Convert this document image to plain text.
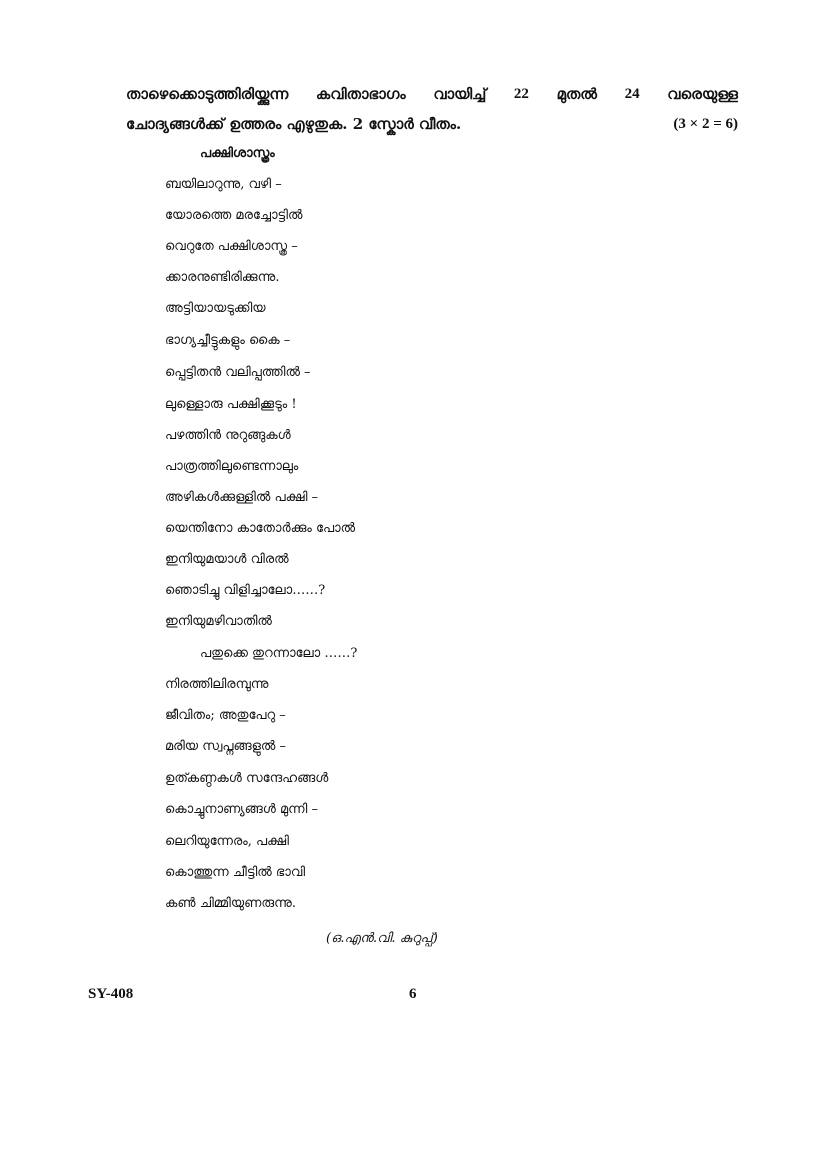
താഴെക്കൊടുത്തിരിയ്ക്കുന്ന കവിതാഭാഗം വായിച്ച് 22 മുതൽ 24 വരെയുള്ള
ചോദ്യങ്ങൾക്ക് ഉത്തരം എഴുതുക. 2 സ്കോർ വീതം.	(3 × 2 = 6)
പക്ഷിശാസ്ത്രം
ബയിലാറുന്നു, വഴി –
യോരത്തെ മരച്ചോട്ടിൽ
വെറുതേ പക്ഷിശാസ്ത്ര –
ക്കാരനുണ്ടിരിക്കുന്നു.
അട്ടിയായടുക്കിയ
ഭാഗ്യച്ചീട്ടുകളും കൈ –
പ്പെട്ടിതൻ വലിപ്പത്തിൽ –
ലുള്ളൊരു പക്ഷിക്കൂടും !
പഴത്തിൻ നുറുങ്ങുകൾ
പാത്രത്തിലുണ്ടെന്നാലും
അഴികൾക്കുള്ളിൽ പക്ഷി –
യെന്തിനോ കാതോർക്കും പോൽ
ഇനിയുമയാൾ വിരൽ
ഞൊടിച്ചു വിളിച്ചാലോ……?
ഇനിയുമഴിവാതിൽ
പതുക്കെ തുറന്നാലോ ……?
നിരത്തിലിരമ്പുന്നു
ജീവിതം; അതുപേറു –
മരിയ സ്വപ്നങ്ങളുൽ –
ഉത്കണ്ഠകൾ സന്ദേഹങ്ങൾ
കൊച്ചുനാണ്യങ്ങൾ മുന്നി –
ലെറിയുന്നേരം, പക്ഷി
കൊത്തുന്ന ചീട്ടിൽ ഭാവി
കൺ ചിമ്മിയുണരുന്നു.
(ഒ.എൻ.വി. കുറുപ്പ്)
SY-408	6
